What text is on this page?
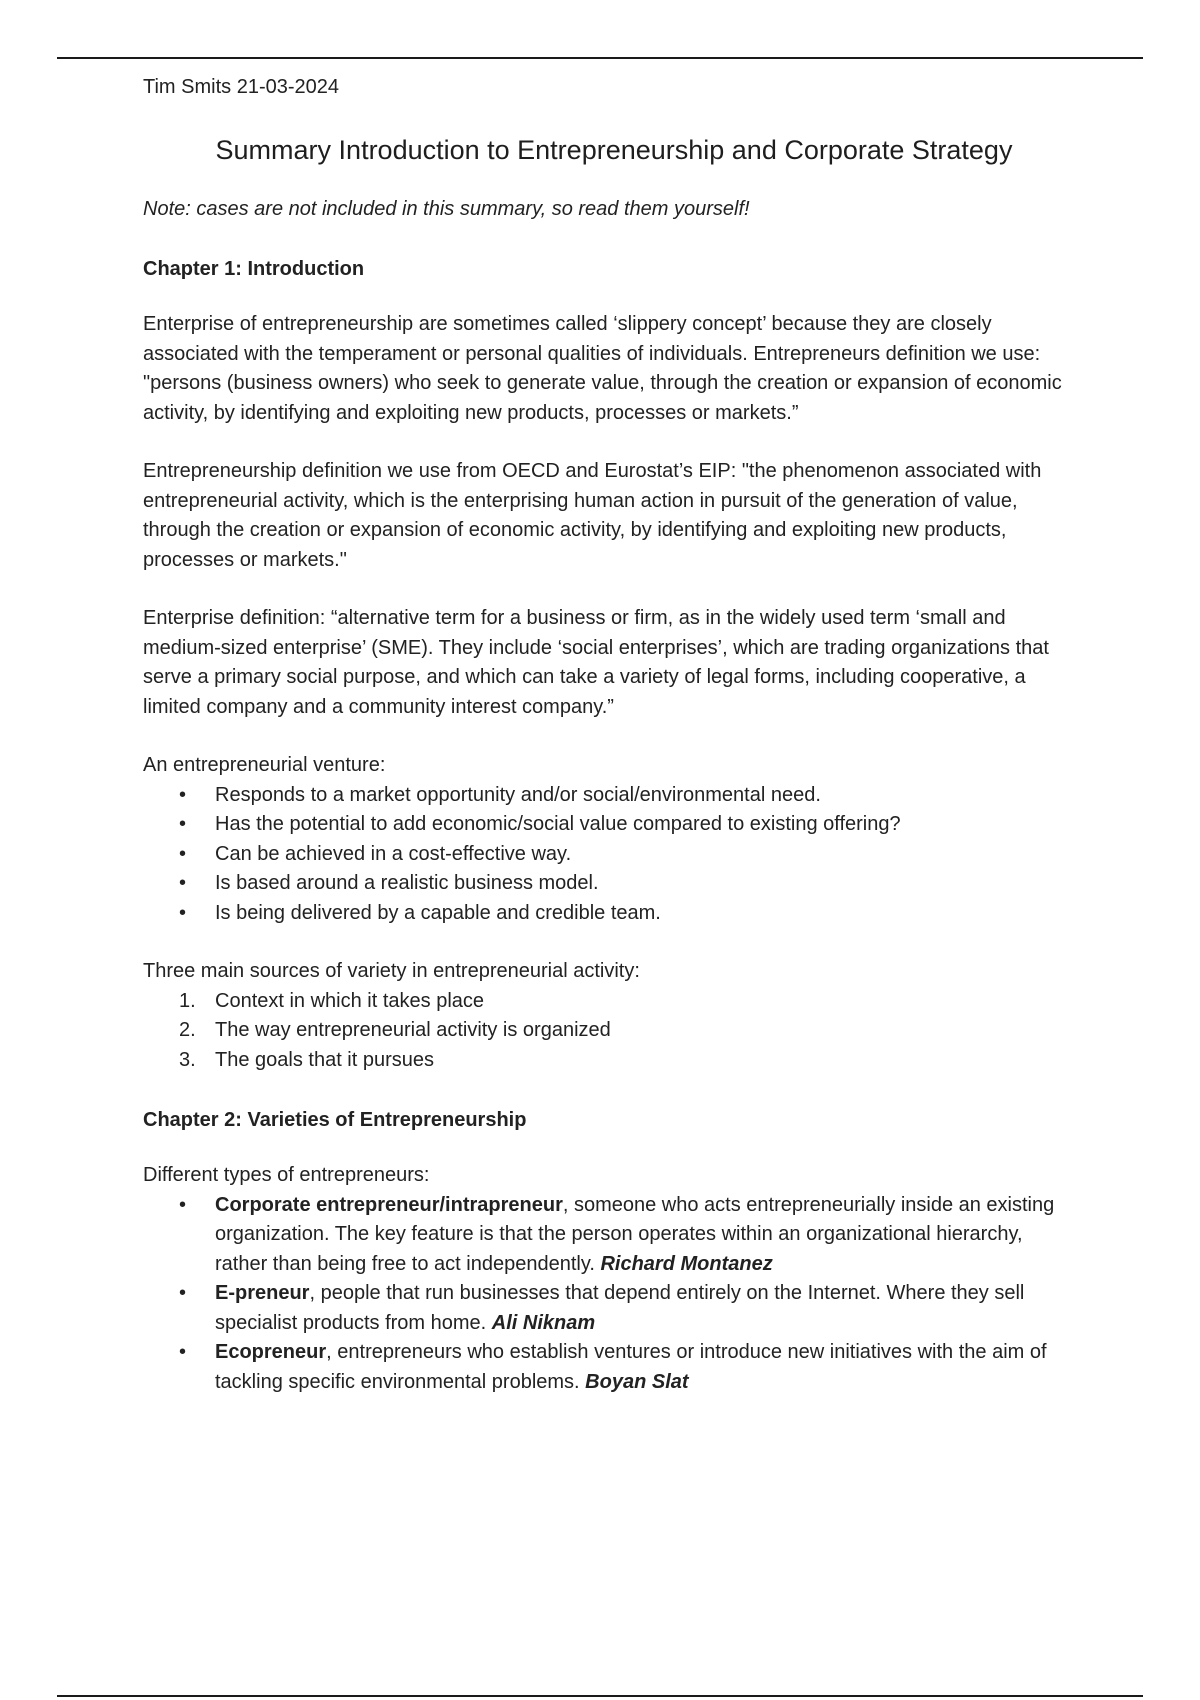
Tim Smits 21-03-2024

Summary Introduction to Entrepreneurship and Corporate Strategy

Note: cases are not included in this summary, so read them yourself!

Chapter 1: Introduction

Enterprise of entrepreneurship are sometimes called ‘slippery concept’ because they are closely associated with the temperament or personal qualities of individuals. Entrepreneurs definition we use: "persons (business owners) who seek to generate value, through the creation or expansion of economic activity, by identifying and exploiting new products, processes or markets.”

Entrepreneurship definition we use from OECD and Eurostat’s EIP: "the phenomenon associated with entrepreneurial activity, which is the enterprising human action in pursuit of the generation of value, through the creation or expansion of economic activity, by identifying and exploiting new products, processes or markets."

Enterprise definition: “alternative term for a business or firm, as in the widely used term ‘small and medium-sized enterprise’ (SME). They include ‘social enterprises’, which are trading organizations that serve a primary social purpose, and which can take a variety of legal forms, including cooperative, a limited company and a community interest company.”

An entrepreneurial venture:

• Responds to a market opportunity and/or social/environmental need.
• Has the potential to add economic/social value compared to existing offering?
• Can be achieved in a cost-effective way.
• Is based around a realistic business model.
• Is being delivered by a capable and credible team.

Three main sources of variety in entrepreneurial activity:

1. Context in which it takes place
2. The way entrepreneurial activity is organized
3. The goals that it pursues
Chapter 2: Varieties of Entrepreneurship

Different types of entrepreneurs:

• Corporate entrepreneur/intrapreneur, someone who acts entrepreneurially inside an existing organization. The key feature is that the person operates within an organizational hierarchy, rather than being free to act independently. Richard Montanez
• E-preneur, people that run businesses that depend entirely on the Internet. Where they sell specialist products from home. Ali Niknam
• Ecopreneur, entrepreneurs who establish ventures or introduce new initiatives with the aim of tackling specific environmental problems. Boyan Slat
